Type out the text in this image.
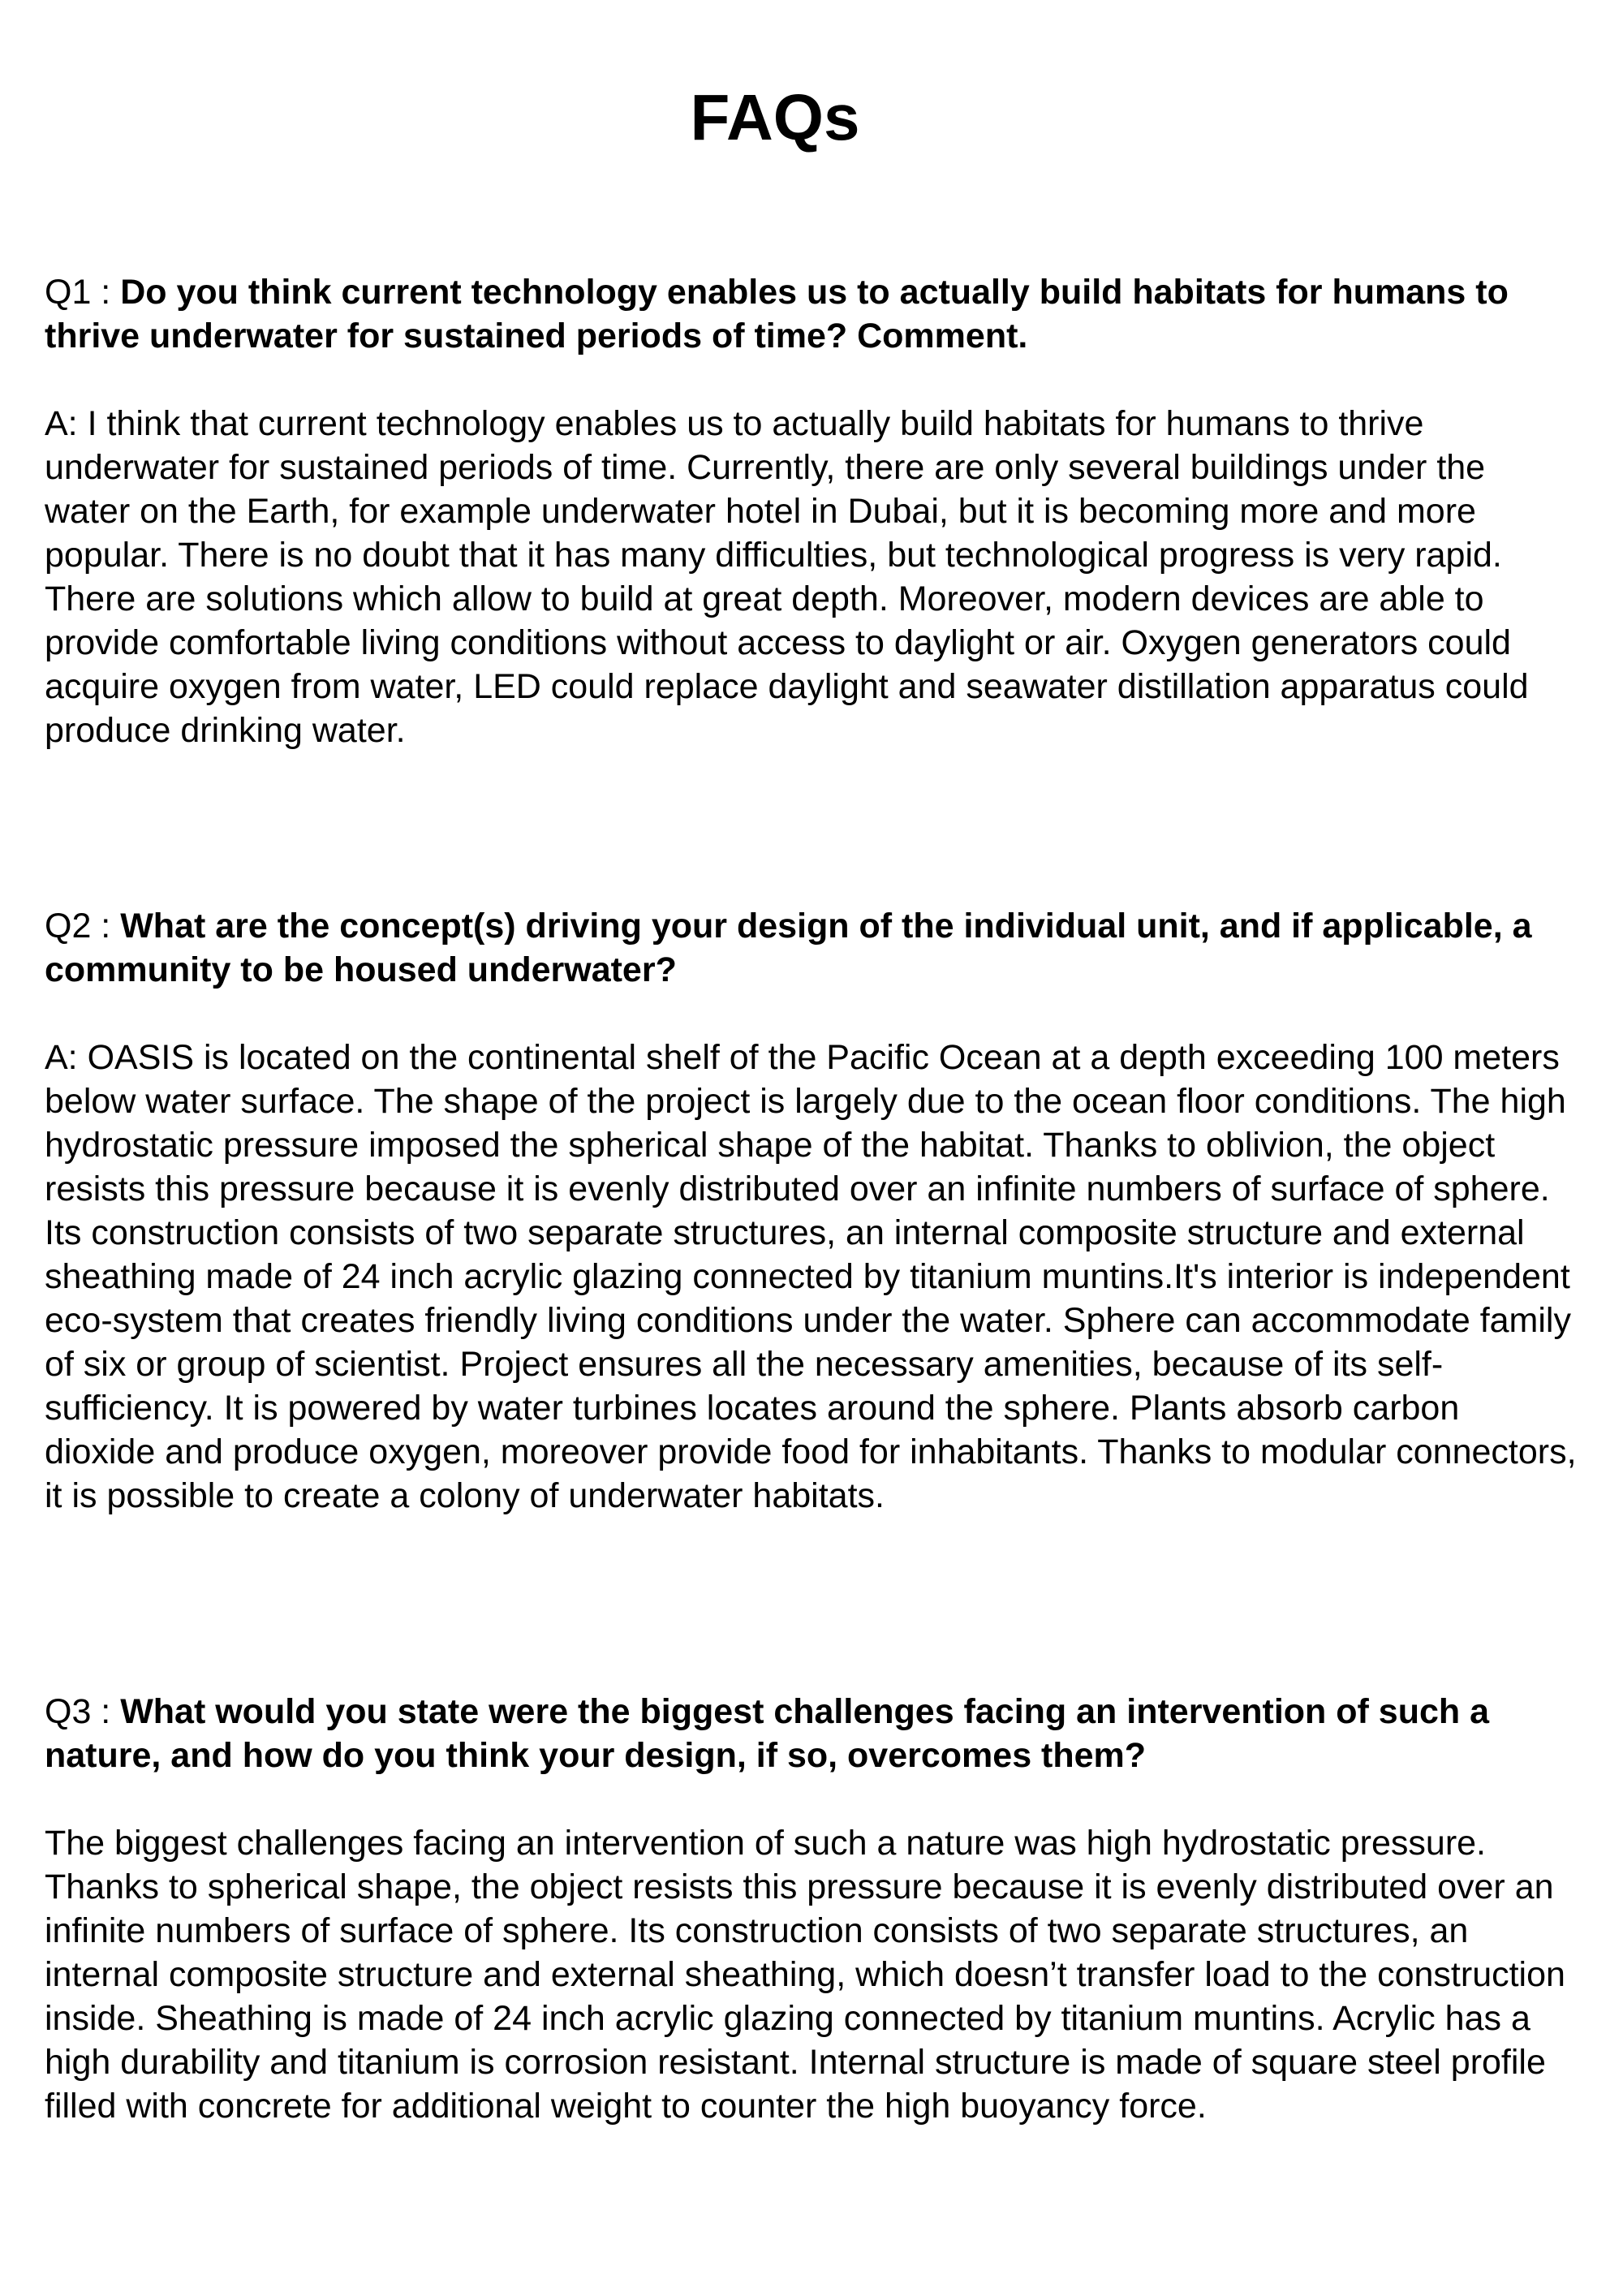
FAQs

Q1 : Do you think current technology enables us to actually build habitats for humans to thrive underwater for sustained periods of time? Comment.

A: I think that current technology enables us to actually build habitats for humans to thrive underwater for sustained periods of time. Currently, there are only several buildings under the water on the Earth, for example underwater hotel in Dubai, but it is becoming more and more popular. There is no doubt that it has many difficulties, but technological progress is very rapid. There are solutions which allow to build at great depth. Moreover, modern devices are able to provide comfortable living conditions without access to daylight or air. Oxygen generators could acquire oxygen from water, LED could replace daylight and seawater distillation apparatus could produce drinking water.

Q2 : What are the concept(s) driving your design of the individual unit, and if applicable, a community to be housed underwater?

A: OASIS is located on the continental shelf of the Pacific Ocean at a depth exceeding 100 meters below water surface. The shape of the project is largely due to the ocean floor conditions. The high hydrostatic pressure imposed the spherical shape of the habitat. Thanks to oblivion, the object resists this pressure because it is evenly distributed over an infinite numbers of surface of sphere. Its construction consists of two separate structures, an internal composite structure and external sheathing made of 24 inch acrylic glazing connected by titanium muntins.It's interior is independent eco-system that creates friendly living conditions under the water. Sphere can accommodate family of six or group of scientist. Project ensures all the necessary amenities, because of its self-sufficiency. It is powered by water turbines locates around the sphere. Plants absorb carbon dioxide and produce oxygen, moreover provide food for inhabitants. Thanks to modular connectors, it is possible to create a colony of underwater habitats.

Q3 : What would you state were the biggest challenges facing an intervention of such a nature, and how do you think your design, if so, overcomes them?

The biggest challenges facing an intervention of such a nature was high hydrostatic pressure. Thanks to spherical shape, the object resists this pressure because it is evenly distributed over an infinite numbers of surface of sphere. Its construction consists of two separate structures, an internal composite structure and external sheathing, which doesn’t transfer load to the construction inside. Sheathing is made of 24 inch acrylic glazing connected by titanium muntins. Acrylic has a high durability and titanium is corrosion resistant. Internal structure is made of square steel profile filled with concrete for additional weight to counter the high buoyancy force.
